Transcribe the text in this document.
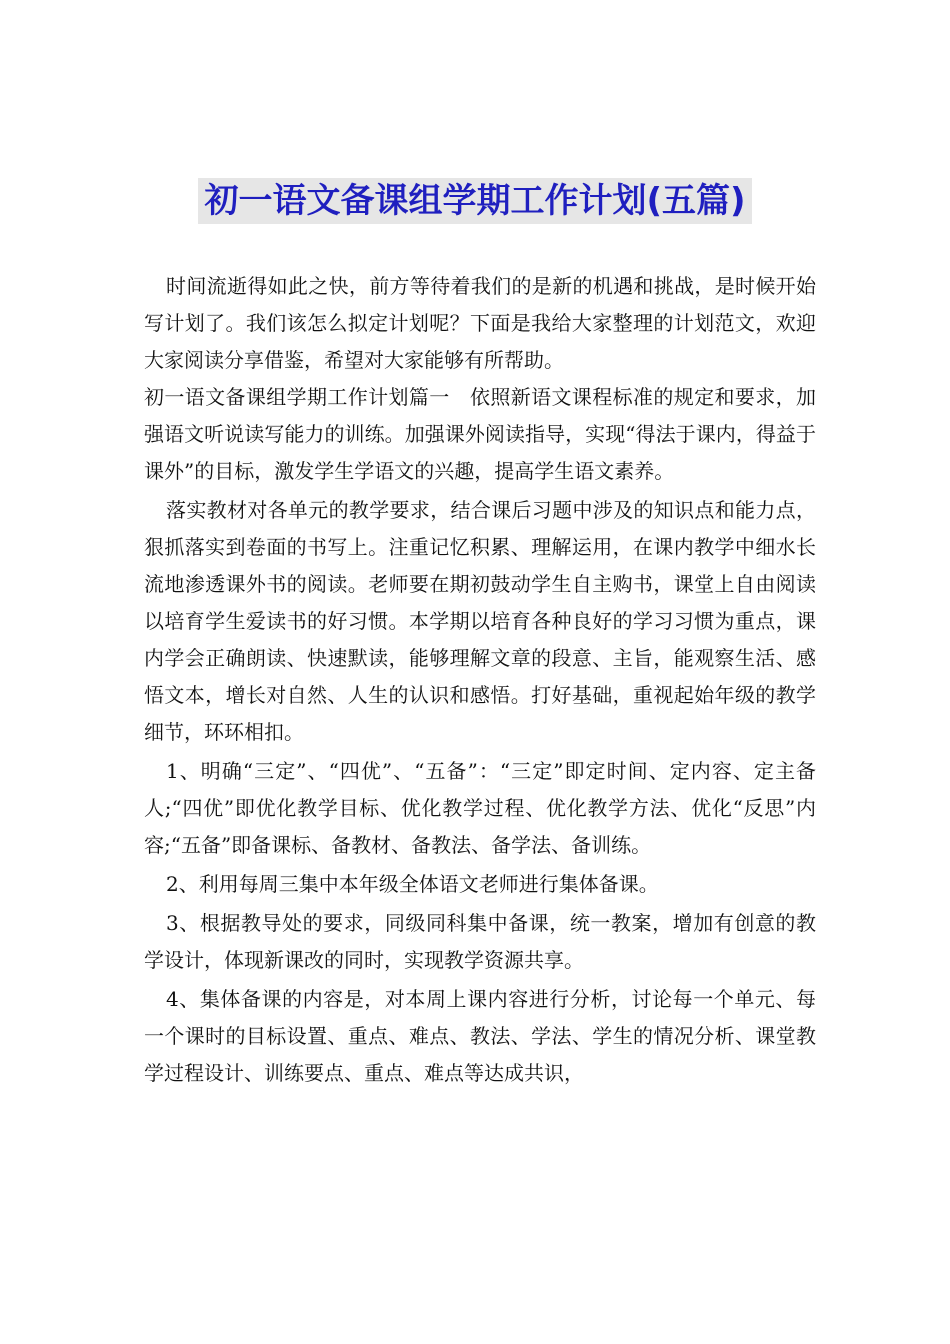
初一语文备课组学期工作计划(五篇)

时间流逝得如此之快，前方等待着我们的是新的机遇和挑战，是时候开始写计划了。我们该怎么拟定计划呢？下面是我给大家整理的计划范文，欢迎大家阅读分享借鉴，希望对大家能够有所帮助。

初一语文备课组学期工作计划篇一　依照新语文课程标准的规定和要求，加强语文听说读写能力的训练。加强课外阅读指导，实现“得法于课内，得益于课外”的目标，激发学生学语文的兴趣，提高学生语文素养。

落实教材对各单元的教学要求，结合课后习题中涉及的知识点和能力点，狠抓落实到卷面的书写上。注重记忆积累、理解运用，在课内教学中细水长流地渗透课外书的阅读。老师要在期初鼓动学生自主购书，课堂上自由阅读以培育学生爱读书的好习惯。本学期以培育各种良好的学习习惯为重点，课内学会正确朗读、快速默读，能够理解文章的段意、主旨，能观察生活、感悟文本，增长对自然、人生的认识和感悟。打好基础，重视起始年级的教学细节，环环相扣。

1、明确“三定”、“四优”、“五备”：“三定”即定时间、定内容、定主备人;“四优”即优化教学目标、优化教学过程、优化教学方法、优化“反思”内容;“五备”即备课标、备教材、备教法、备学法、备训练。

2、利用每周三集中本年级全体语文老师进行集体备课。

3、根据教导处的要求，同级同科集中备课，统一教案，增加有创意的教学设计，体现新课改的同时，实现教学资源共享。

4、集体备课的内容是，对本周上课内容进行分析，讨论每一个单元、每一个课时的目标设置、重点、难点、教法、学法、学生的情况分析、课堂教学过程设计、训练要点、重点、难点等达成共识，
